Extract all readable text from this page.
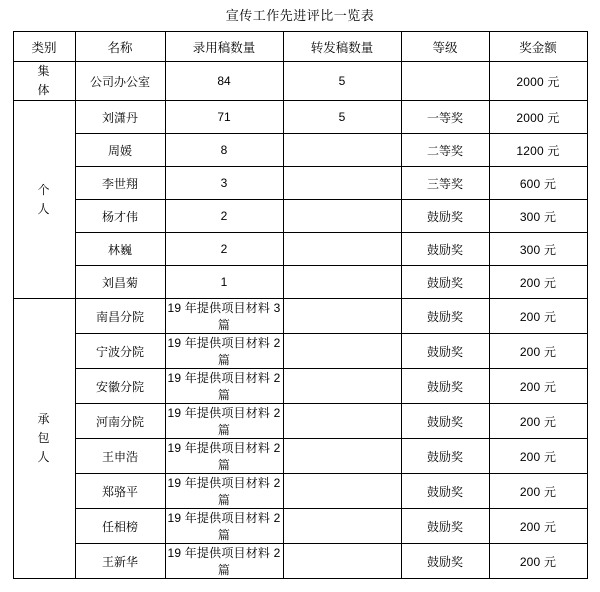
宣传工作先进评比一览表
类别	名称	录用稿数量	转发稿数量	等级	奖金额
集体	公司办公室	84	5		2000 元
个人	刘潇丹	71	5	一等奖	2000 元
	周媛	8		二等奖	1200 元
	李世翔	3		三等奖	600 元
	杨才伟	2		鼓励奖	300 元
	林巍	2		鼓励奖	300 元
	刘昌菊	1		鼓励奖	200 元
承包人	南昌分院	19 年提供项目材料 3 篇		鼓励奖	200 元
	宁波分院	19 年提供项目材料 2 篇		鼓励奖	200 元
	安徽分院	19 年提供项目材料 2 篇		鼓励奖	200 元
	河南分院	19 年提供项目材料 2 篇		鼓励奖	200 元
	王申浩	19 年提供项目材料 2 篇		鼓励奖	200 元
	郑骆平	19 年提供项目材料 2 篇		鼓励奖	200 元
	任相榜	19 年提供项目材料 2 篇		鼓励奖	200 元
	王新华	19 年提供项目材料 2 篇		鼓励奖	200 元
